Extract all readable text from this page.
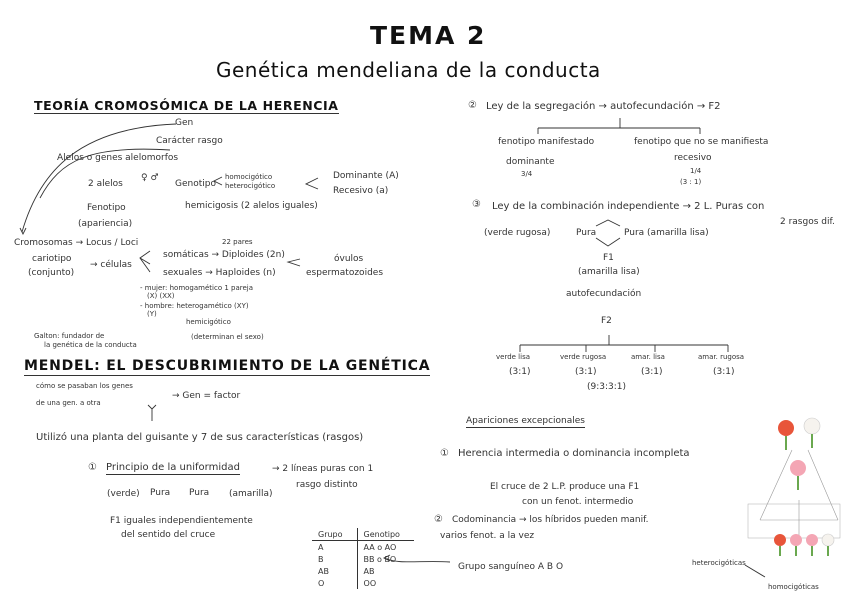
TEMA 2
Genética mendeliana de la conducta
TEORÍA CROMOSÓMICA DE LA HERENCIA
Gen
Carácter rasgo
Alelos o genes alelomorfos
2 alelos
♀ ♂
Genotipo
homocigótico
heterocigótico
Dominante (A)
Recesivo (a)
Fenotipo	hemicigosis (2 alelos iguales)
(apariencia)
Cromosomas → Locus / Loci
cariotipo
(conjunto)
→ células
22 pares
somáticas → Diploides (2n)
sexuales → Haploides (n)
óvulos
espermatozoides
- mujer: homogamético 1 pareja
(X) (XX)
- hombre: heterogamético (XY)
(Y)
hemicigótico
(determinan el sexo)
Galton: fundador de
la genética de la conducta
MENDEL: EL DESCUBRIMIENTO DE LA GENÉTICA
cómo se pasaban los genes
de una gen. a otra
→ Gen = factor
Utilizó una planta del guisante y 7 de sus características (rasgos)
① Principio de la uniformidad	→ 2 líneas puras con 1
rasgo distinto
(verde) Pura Pura (amarilla)
F1 iguales independientemente
del sentido del cruce	Grupo	Genotipo
A	AA o AO
B	BB o BO
AB	AB
O	OO
② Ley de la segregación → autofecundación → F2
fenotipo manifestado	fenotipo que no se manifiesta
dominante	recesivo
3/4	1/4
(3 : 1)
③ Ley de la combinación independiente → 2 L. Puras con
2 rasgos dif.
(verde rugosa)	Pura	Pura (amarilla lisa)
F1
(amarilla lisa)
autofecundación
F2
verde lisa	verde rugosa	amar. lisa	amar. rugosa
(3:1)	(3:1)	(3:1)	(3:1)
(9:3:3:1)
Apariciones excepcionales
① Herencia intermedia o dominancia incompleta
El cruce de 2 L.P. produce una F1
con un fenot. intermedio
② Codominancia → los híbridos pueden manif.
varios fenot. a la vez
Grupo sanguíneo A B O	heterocigóticas
homocigóticas
